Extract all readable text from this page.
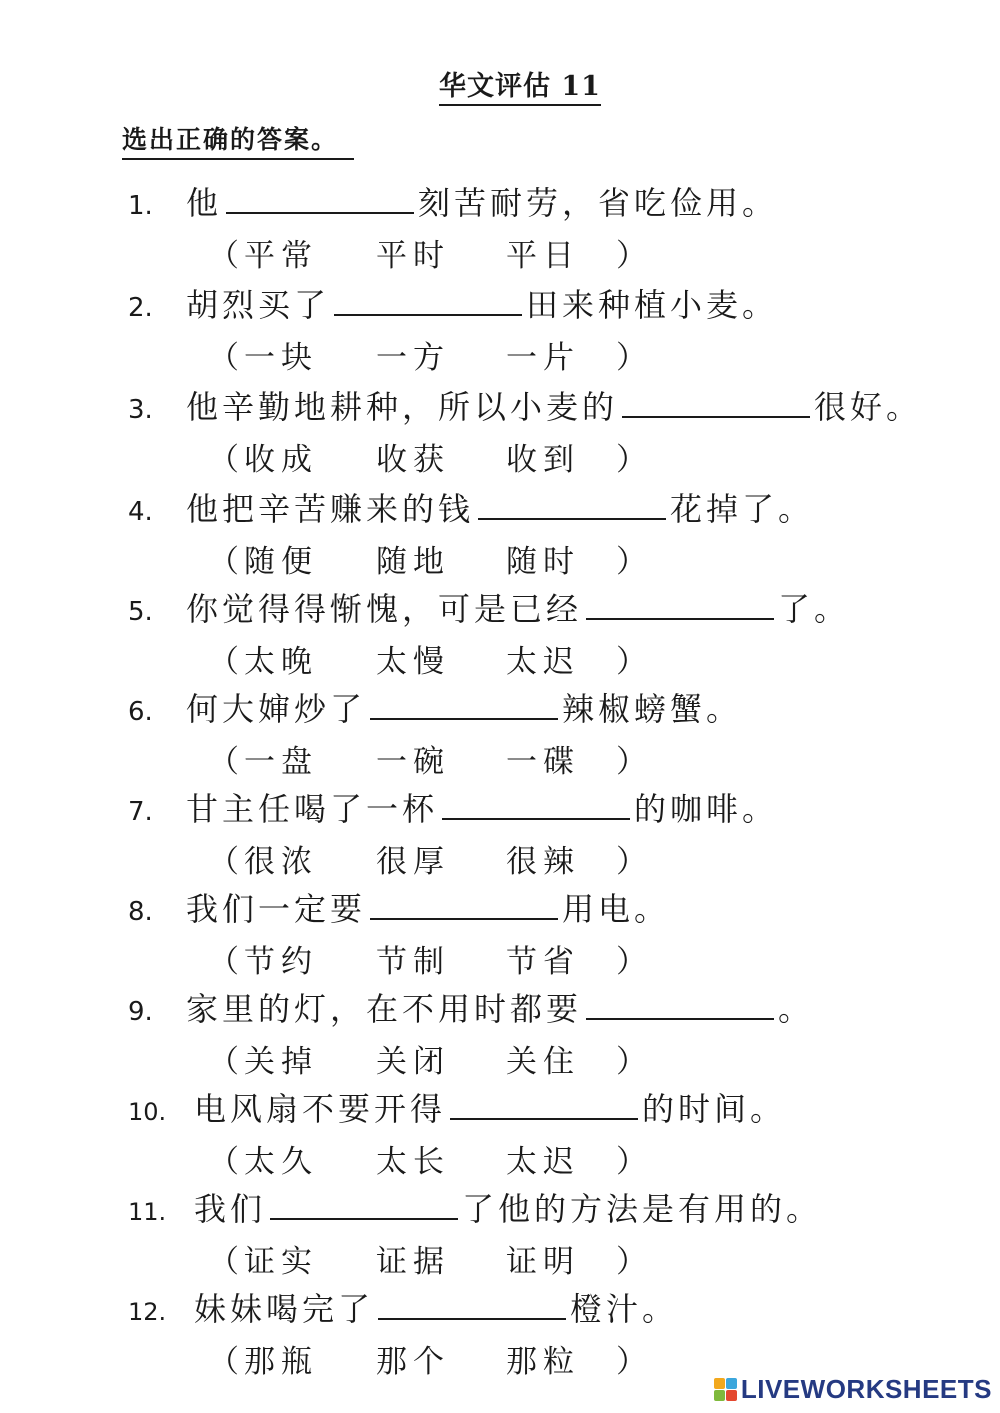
华文评估 11
选出正确的答案。
1.	他	刻苦耐劳，省吃俭用。
（ 平常	平时	平日	）
2.	胡烈买了	田来种植小麦。
（ 一块	一方	一片	）
3.	他辛勤地耕种，所以小麦的	很好。
（ 收成	收获	收到	）
4.	他把辛苦赚来的钱	花掉了。
（ 随便	随地	随时	）
5.	你觉得得惭愧，可是已经	了。
（ 太晚	太慢	太迟	）
6.	何大婶炒了	辣椒螃蟹。
（ 一盘	一碗	一碟	）
7.	甘主任喝了一杯	的咖啡。
（ 很浓	很厚	很辣	）
8.	我们一定要	用电。
（ 节约	节制	节省	）
9.	家里的灯，在不用时都要	。
（ 关掉	关闭	关住	）
10. 电风扇不要开得	的时间。
（ 太久	太长	太迟	）
11. 我们	了他的方法是有用的。
（ 证实	证据	证明	）
12. 妹妹喝完了	橙汁。
（ 那瓶	那个	那粒	）
LIVEWORKSHEETS
